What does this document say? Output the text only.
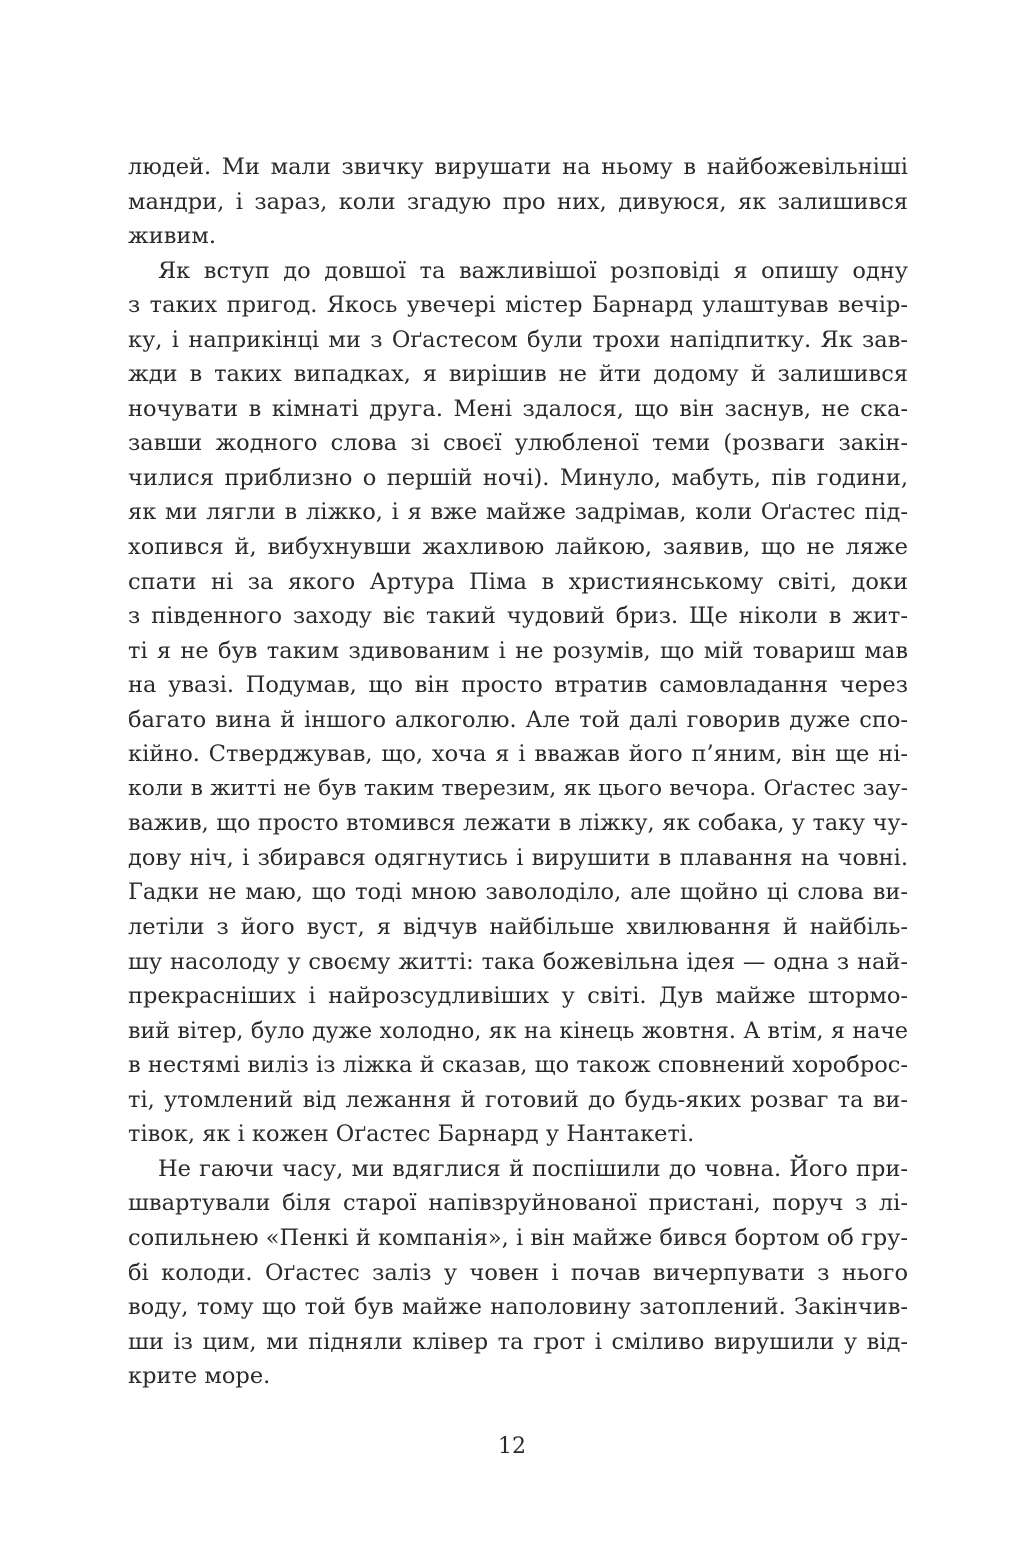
людей. Ми мали звичку вирушати на ньому в найбожевільніші
мандри, і зараз, коли згадую про них, дивуюся, як залишився
живим.
Як вступ до довшої та важливішої розповіді я опишу одну
з таких пригод. Якось увечері містер Барнард улаштував вечір-
ку, і наприкінці ми з Оґастесом були трохи напідпитку. Як зав-
жди в таких випадках, я вирішив не йти додому й залишився
ночувати в кімнаті друга. Мені здалося, що він заснув, не ска-
завши жодного слова зі своєї улюбленої теми (розваги закін-
чилися приблизно о першій ночі). Минуло, мабуть, пів години,
як ми лягли в ліжко, і я вже майже задрімав, коли Оґастес під-
хопився й, вибухнувши жахливою лайкою, заявив, що не ляже
спати ні за якого Артура Піма в християнському світі, доки
з південного заходу віє такий чудовий бриз. Ще ніколи в жит-
ті я не був таким здивованим і не розумів, що мій товариш мав
на увазі. Подумав, що він просто втратив самовладання через
багато вина й іншого алкоголю. Але той далі говорив дуже спо-
кійно. Стверджував, що, хоча я і вважав його п’яним, він ще ні-
коли в житті не був таким тверезим, як цього вечора. Оґастес зау-
важив, що просто втомився лежати в ліжку, як собака, у таку чу-
дову ніч, і збирався одягнутись і вирушити в плавання на човні.
Гадки не маю, що тоді мною заволоділо, але щойно ці слова ви-
летіли з його вуст, я відчув найбільше хвилювання й найбіль-
шу насолоду у своєму житті: така божевільна ідея — одна з най-
прекрасніших і найрозсудливіших у світі. Дув майже штормо-
вий вітер, було дуже холодно, як на кінець жовтня. А втім, я наче
в нестямі виліз із ліжка й сказав, що також сповнений хороброс-
ті, утомлений від лежання й готовий до будь-яких розваг та ви-
тівок, як і кожен Оґастес Барнард у Нантакеті.
Не гаючи часу, ми вдяглися й поспішили до човна. Його при-
швартували біля старої напівзруйнованої пристані, поруч з лі-
сопильнею «Пенкі й компанія», і він майже бився бортом об гру-
бі колоди. Оґастес заліз у човен і почав вичерпувати з нього
воду, тому що той був майже наполовину затоплений. Закінчив-
ши із цим, ми підняли клівер та грот і сміливо вирушили у від-
крите море.
12
